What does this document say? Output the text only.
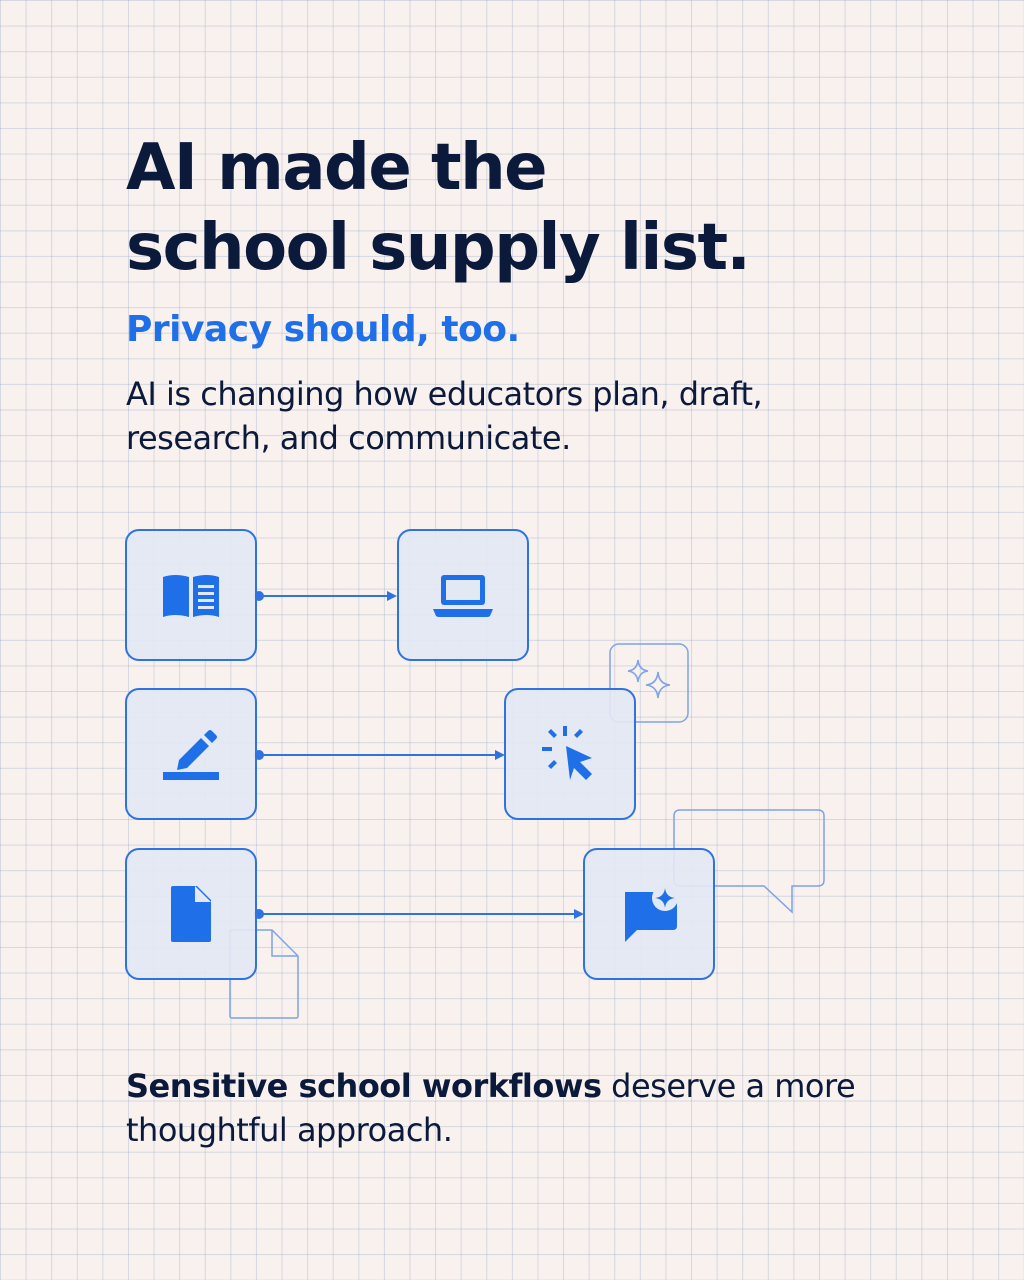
AI made the
school supply list.

Privacy should, too.

AI is changing how educators plan, draft, research, and communicate.

Sensitive school workflows deserve a more thoughtful approach.
